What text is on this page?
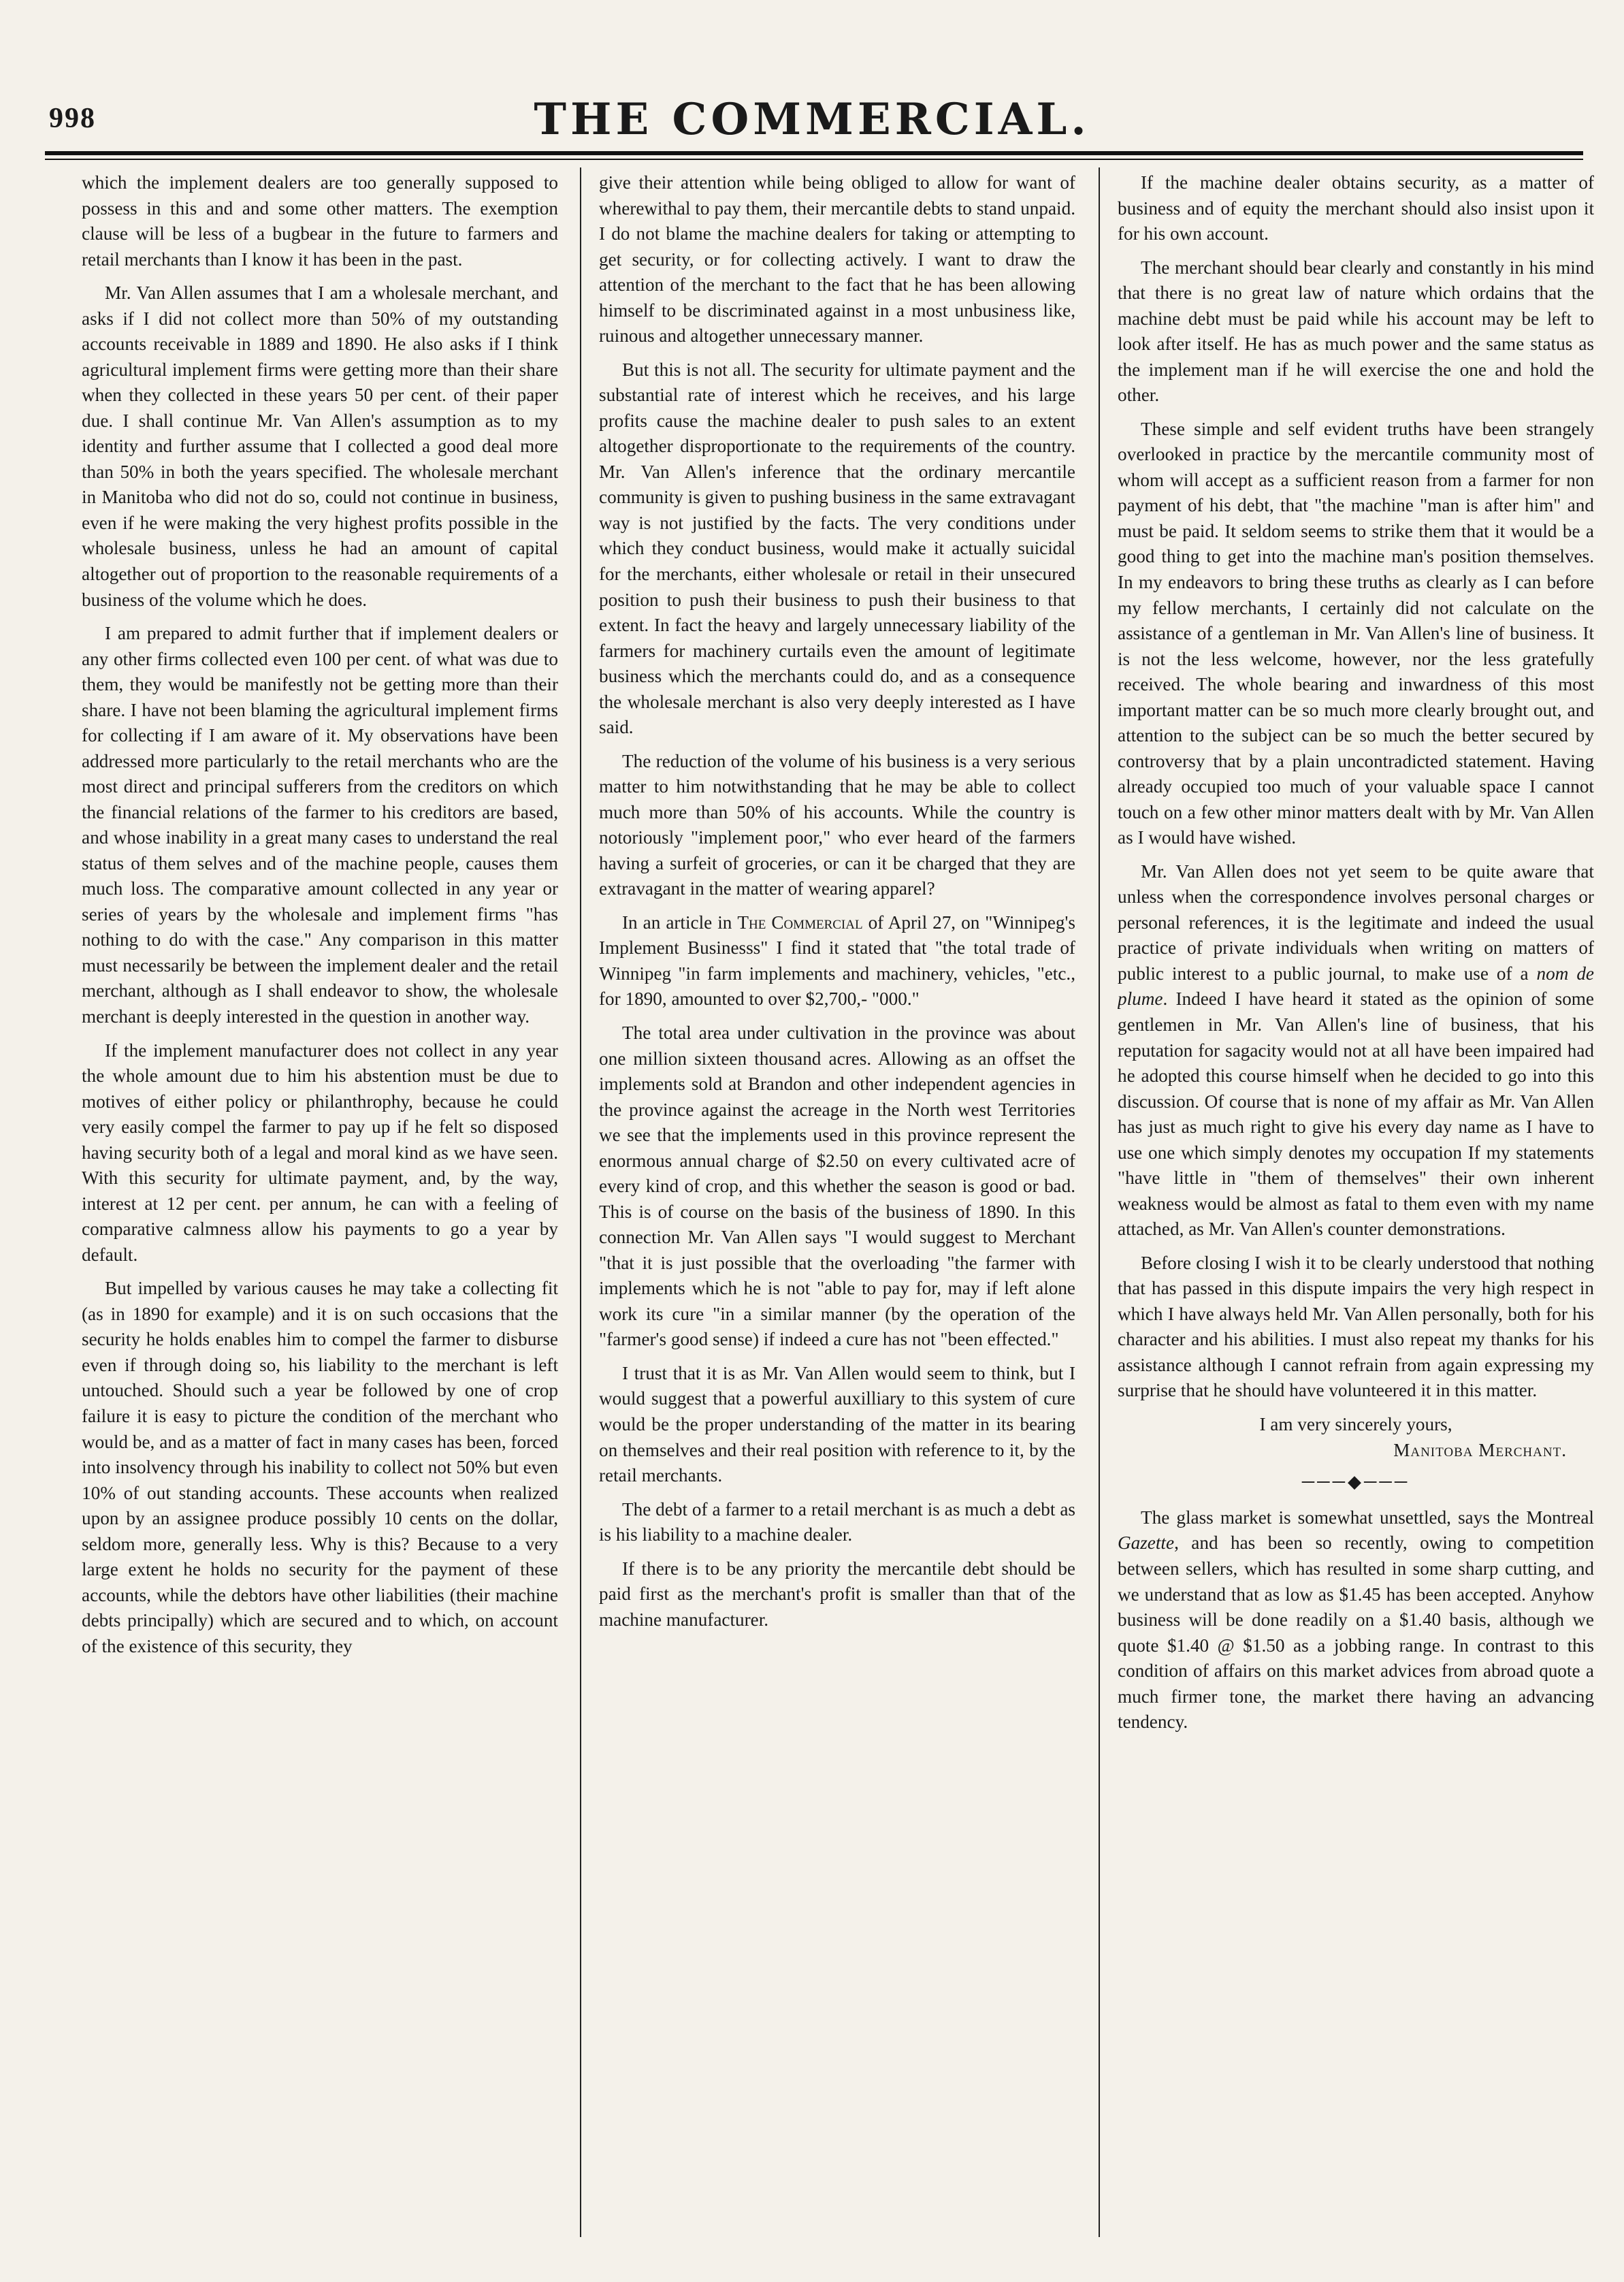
998	THE COMMERCIAL.

which the implement dealers are too generally supposed to possess in this and and some other matters. The exemption clause will be less of a bugbear in the future to farmers and retail merchants than I know it has been in the past.

Mr. Van Allen assumes that I am a wholesale merchant, and asks if I did not collect more than 50% of my outstanding accounts receivable in 1889 and 1890. He also asks if I think agricultural implement firms were getting more than their share when they collected in these years 50 per cent. of their paper due. I shall continue Mr. Van Allen's assumption as to my identity and further assume that I collected a good deal more than 50% in both the years specified. The wholesale merchant in Manitoba who did not do so, could not continue in business, even if he were making the very highest profits possible in the wholesale business, unless he had an amount of capital altogether out of proportion to the reasonable requirements of a business of the volume which he does.

I am prepared to admit further that if implement dealers or any other firms collected even 100 per cent. of what was due to them, they would be manifestly not be getting more than their share. I have not been blaming the agricultural implement firms for collecting if I am aware of it. My observations have been addressed more particularly to the retail merchants who are the most direct and principal sufferers from the creditors on which the financial relations of the farmer to his creditors are based, and whose inability in a great many cases to understand the real status of them selves and of the machine people, causes them much loss. The comparative amount collected in any year or series of years by the wholesale and implement firms "has nothing to do with the case." Any comparison in this matter must necessarily be between the implement dealer and the retail merchant, although as I shall endeavor to show, the wholesale merchant is deeply interested in the question in another way.

If the implement manufacturer does not collect in any year the whole amount due to him his abstention must be due to motives of either policy or philanthrophy, because he could very easily compel the farmer to pay up if he felt so disposed having security both of a legal and moral kind as we have seen. With this security for ultimate payment, and, by the way, interest at 12 per cent. per annum, he can with a feeling of comparative calmness allow his payments to go a year by default.

But impelled by various causes he may take a collecting fit (as in 1890 for example) and it is on such occasions that the security he holds enables him to compel the farmer to disburse even if through doing so, his liability to the merchant is left untouched. Should such a year be followed by one of crop failure it is easy to picture the condition of the merchant who would be, and as a matter of fact in many cases has been, forced into insolvency through his inability to collect not 50% but even 10% of out standing accounts. These accounts when realized upon by an assignee produce possibly 10 cents on the dollar, seldom more, generally less. Why is this? Because to a very large extent he holds no security for the payment of these accounts, while the debtors have other liabilities (their machine debts principally) which are secured and to which, on account of the existence of this security, they

give their attention while being obliged to allow for want of wherewithal to pay them, their mercantile debts to stand unpaid. I do not blame the machine dealers for taking or attempting to get security, or for collecting actively. I want to draw the attention of the merchant to the fact that he has been allowing himself to be discriminated against in a most unbusiness like, ruinous and altogether unnecessary manner.

But this is not all. The security for ultimate payment and the substantial rate of interest which he receives, and his large profits cause the machine dealer to push sales to an extent altogether disproportionate to the requirements of the country. Mr. Van Allen's inference that the ordinary mercantile community is given to pushing business in the same extravagant way is not justified by the facts. The very conditions under which they conduct business, would make it actually suicidal for the merchants, either wholesale or retail in their unsecured position to push their business to push their business to that extent. In fact the heavy and largely unnecessary liability of the farmers for machinery curtails even the amount of legitimate business which the merchants could do, and as a consequence the wholesale merchant is also very deeply interested as I have said.

The reduction of the volume of his business is a very serious matter to him notwithstanding that he may be able to collect much more than 50% of his accounts. While the country is notoriously "implement poor," who ever heard of the farmers having a surfeit of groceries, or can it be charged that they are extravagant in the matter of wearing apparel?

In an article in The Commercial of April 27, on "Winnipeg's Implement Businesss" I find it stated that "the total trade of Winnipeg "in farm implements and machinery, vehicles, "etc., for 1890, amounted to over $2,700,- "000."

The total area under cultivation in the province was about one million sixteen thousand acres. Allowing as an offset the implements sold at Brandon and other independent agencies in the province against the acreage in the North west Territories we see that the implements used in this province represent the enormous annual charge of $2.50 on every cultivated acre of every kind of crop, and this whether the season is good or bad. This is of course on the basis of the business of 1890. In this connection Mr. Van Allen says "I would suggest to Merchant "that it is just possible that the overloading "the farmer with implements which he is not "able to pay for, may if left alone work its cure "in a similar manner (by the operation of the "farmer's good sense) if indeed a cure has not "been effected."

I trust that it is as Mr. Van Allen would seem to think, but I would suggest that a powerful auxilliary to this system of cure would be the proper understanding of the matter in its bearing on themselves and their real position with reference to it, by the retail merchants.

The debt of a farmer to a retail merchant is as much a debt as is his liability to a machine dealer.

If there is to be any priority the mercantile debt should be paid first as the merchant's profit is smaller than that of the machine manufacturer.

If the machine dealer obtains security, as a matter of business and of equity the merchant should also insist upon it for his own account.

The merchant should bear clearly and constantly in his mind that there is no great law of nature which ordains that the machine debt must be paid while his account may be left to look after itself. He has as much power and the same status as the implement man if he will exercise the one and hold the other.

These simple and self evident truths have been strangely overlooked in practice by the mercantile community most of whom will accept as a sufficient reason from a farmer for non payment of his debt, that "the machine "man is after him" and must be paid. It seldom seems to strike them that it would be a good thing to get into the machine man's position themselves. In my endeavors to bring these truths as clearly as I can before my fellow merchants, I certainly did not calculate on the assistance of a gentleman in Mr. Van Allen's line of business. It is not the less welcome, however, nor the less gratefully received. The whole bearing and inwardness of this most important matter can be so much more clearly brought out, and attention to the subject can be so much the better secured by controversy that by a plain uncontradicted statement. Having already occupied too much of your valuable space I cannot touch on a few other minor matters dealt with by Mr. Van Allen as I would have wished.

Mr. Van Allen does not yet seem to be quite aware that unless when the correspondence involves personal charges or personal references, it is the legitimate and indeed the usual practice of private individuals when writing on matters of public interest to a public journal, to make use of a nom de plume. Indeed I have heard it stated as the opinion of some gentlemen in Mr. Van Allen's line of business, that his reputation for sagacity would not at all have been impaired had he adopted this course himself when he decided to go into this discussion. Of course that is none of my affair as Mr. Van Allen has just as much right to give his every day name as I have to use one which simply denotes my occupation If my statements "have little in "them of themselves" their own inherent weakness would be almost as fatal to them even with my name attached, as Mr. Van Allen's counter demonstrations.

Before closing I wish it to be clearly understood that nothing that has passed in this dispute impairs the very high respect in which I have always held Mr. Van Allen personally, both for his character and his abilities. I must also repeat my thanks for his assistance although I cannot refrain from again expressing my surprise that he should have volunteered it in this matter.

I am very sincerely yours,

Manitoba Merchant.

───◆───

The glass market is somewhat unsettled, says the Montreal Gazette, and has been so recently, owing to competition between sellers, which has resulted in some sharp cutting, and we understand that as low as $1.45 has been accepted. Anyhow business will be done readily on a $1.40 basis, although we quote $1.40 @ $1.50 as a jobbing range. In contrast to this condition of affairs on this market advices from abroad quote a much firmer tone, the market there having an advancing tendency.
